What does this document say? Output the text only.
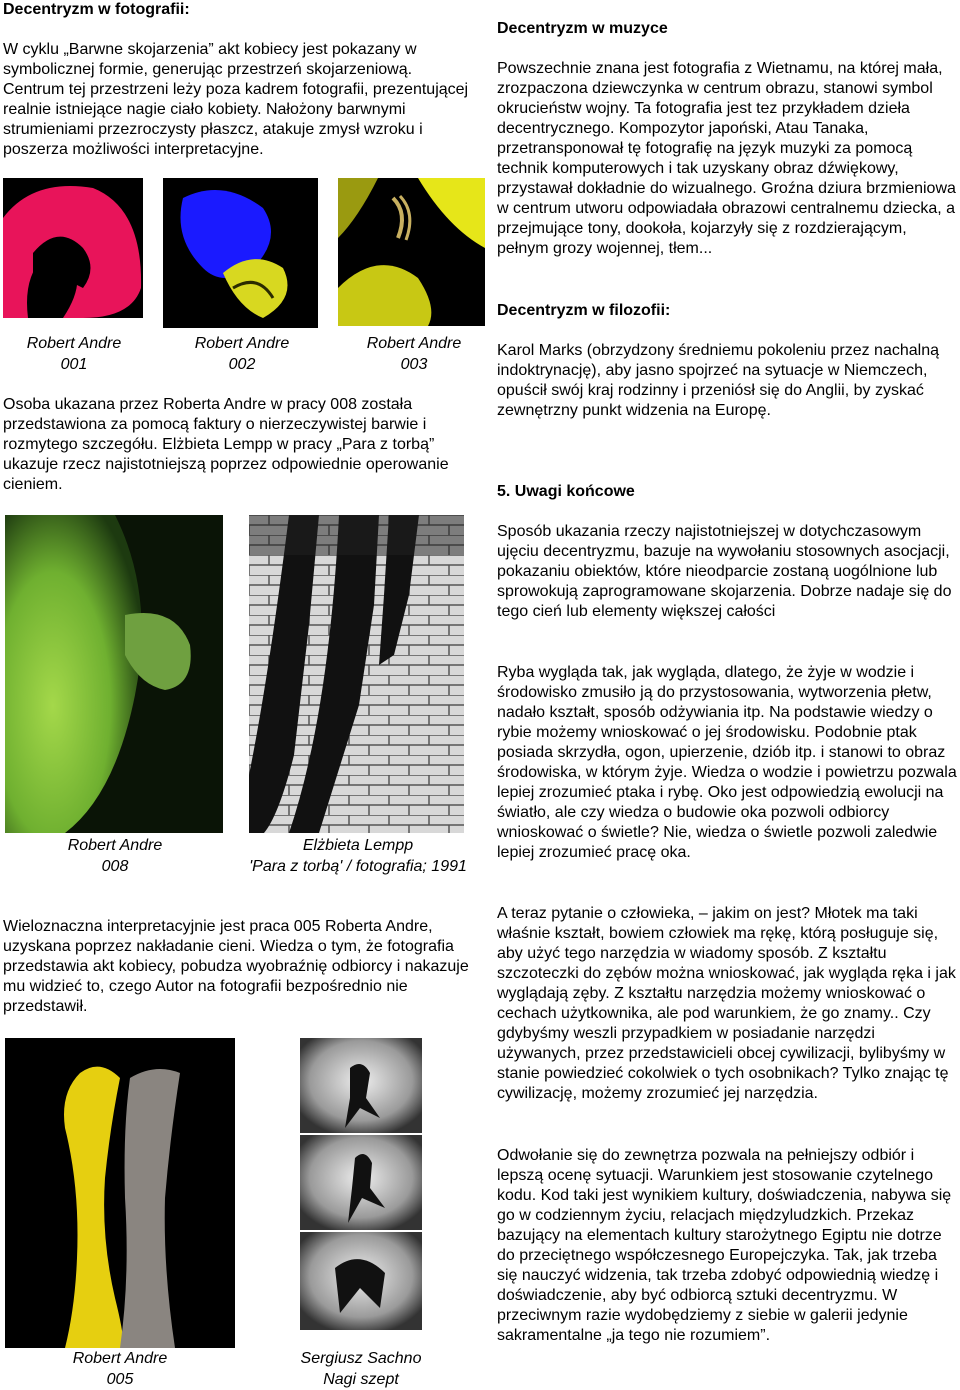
Decentryzm w fotografii:

W cyklu „Barwne skojarzenia” akt kobiecy jest pokazany w symbolicznej formie, generując przestrzeń skojarzeniową. Centrum tej przestrzeni leży poza kadrem fotografii, prezentującej realnie istniejące nagie ciało kobiety. Nałożony barwnymi strumieniami przezroczysty płaszcz, atakuje zmysł wzroku i poszerza możliwości interpretacyjne.

Robert Andre
001
Robert Andre
002
Robert Andre
003

Osoba ukazana przez Roberta Andre w pracy 008 została przedstawiona za pomocą faktury o nierzeczywistej barwie i rozmytego szczegółu. Elżbieta Lempp w pracy „Para z torbą” ukazuje rzecz najistotniejszą poprzez odpowiednie operowanie cieniem.

Robert Andre
008
Elżbieta Lempp
'Para z torbą' / fotografia; 1991

Wieloznaczna interpretacyjnie jest praca 005 Roberta Andre, uzyskana poprzez nakładanie cieni. Wiedza o tym, że fotografia przedstawia akt kobiecy, pobudza wyobraźnię odbiorcy i nakazuje mu widzieć to, czego Autor na fotografii bezpośrednio nie przedstawił.

Robert Andre
005
Sergiusz Sachno
Nagi szept

Decentryzm w muzyce

Powszechnie znana jest fotografia z Wietnamu, na której mała, zrozpaczona dziewczynka w centrum obrazu, stanowi symbol okrucieństw wojny. Ta fotografia jest tez przykładem dzieła decentrycznego. Kompozytor japoński, Atau Tanaka, przetransponował tę fotografię na język muzyki za pomocą technik komputerowych i tak uzyskany obraz dźwiękowy, przystawał dokładnie do wizualnego. Groźna dziura brzmieniowa w centrum utworu odpowiadała obrazowi centralnemu dziecka, a przejmujące tony, dookoła, kojarzyły się z rozdzierającym, pełnym grozy wojennej, tłem...

Decentryzm w filozofii:

Karol Marks (obrzydzony średniemu pokoleniu przez nachalną indoktrynację), aby jasno spojrzeć na sytuacje w Niemczech, opuścił swój kraj rodzinny i przeniósł się do Anglii, by zyskać zewnętrzny punkt widzenia na Europę.

5. Uwagi końcowe

Sposób ukazania rzeczy najistotniejszej w dotychczasowym ujęciu decentryzmu, bazuje na wywołaniu stosownych asocjacji, pokazaniu obiektów, które nieodparcie zostaną uogólnione lub sprowokują zaprogramowane skojarzenia. Dobrze nadaje się do tego cień lub elementy większej całości

Ryba wygląda tak, jak wygląda, dlatego, że żyje w wodzie i środowisko zmusiło ją do przystosowania, wytworzenia płetw, nadało kształt, sposób odżywiania itp. Na podstawie wiedzy o rybie możemy wnioskować o jej środowisku. Podobnie ptak posiada skrzydła, ogon, upierzenie, dziób itp. i stanowi to obraz środowiska, w którym żyje. Wiedza o wodzie i powietrzu pozwala lepiej zrozumieć ptaka i rybę. Oko jest odpowiedzią ewolucji na światło, ale czy wiedza o budowie oka pozwoli odbiorcy wnioskować o świetle? Nie, wiedza o świetle pozwoli zaledwie lepiej zrozumieć pracę oka.

A teraz pytanie o człowieka, – jakim on jest? Młotek ma taki właśnie kształt, bowiem człowiek ma rękę, którą posługuje się, aby użyć tego narzędzia w wiadomy sposób. Z kształtu szczoteczki do zębów można wnioskować, jak wygląda ręka i jak wyglądają zęby. Z kształtu narzędzia możemy wnioskować o cechach użytkownika, ale pod warunkiem, że go znamy.. Czy gdybyśmy weszli przypadkiem w posiadanie narzędzi używanych, przez przedstawicieli obcej cywilizacji, bylibyśmy w stanie powiedzieć cokolwiek o tych osobnikach? Tylko znając tę cywilizację, możemy zrozumieć jej narzędzia.

Odwołanie się do zewnętrza pozwala na pełniejszy odbiór i lepszą ocenę sytuacji. Warunkiem jest stosowanie czytelnego kodu. Kod taki jest wynikiem kultury, doświadczenia, nabywa się go w codziennym życiu, relacjach międzyludzkich. Przekaz bazujący na elementach kultury starożytnego Egiptu nie dotrze do przeciętnego współczesnego Europejczyka. Tak, jak trzeba się nauczyć widzenia, tak trzeba zdobyć odpowiednią wiedzę i doświadczenie, aby być odbiorcą sztuki decentryzmu. W przeciwnym razie wydobędziemy z siebie w galerii jedynie sakramentalne „ja tego nie rozumiem”.
